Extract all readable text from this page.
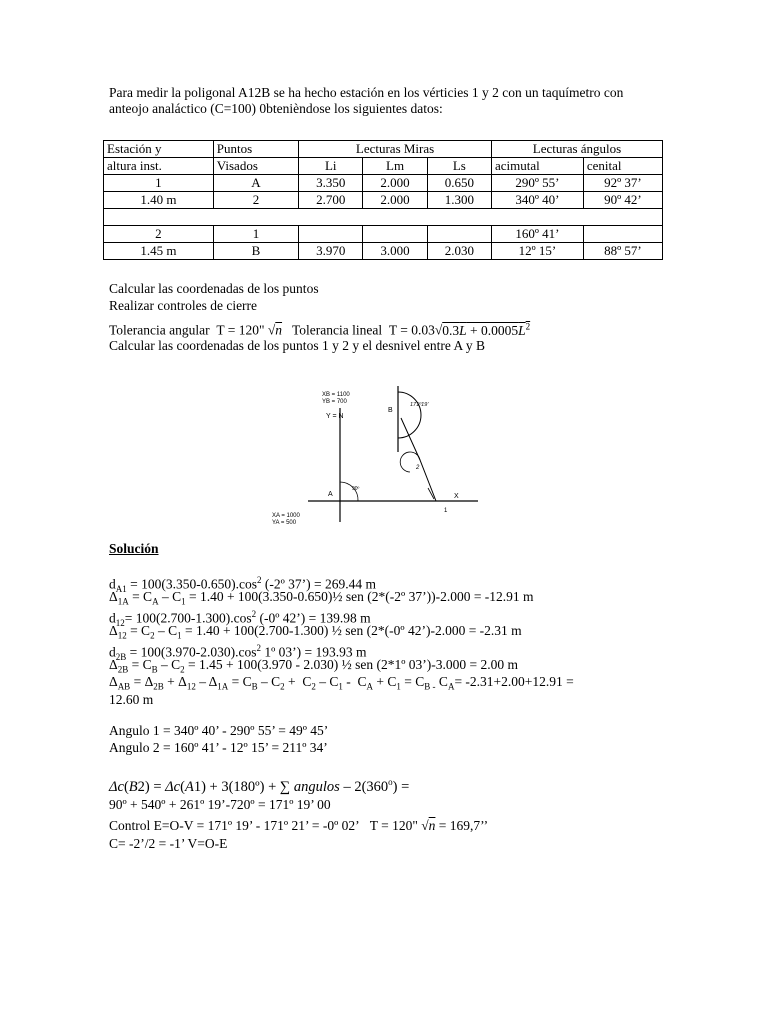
Para medir la poligonal A12B se ha hecho estación en los vérticies 1 y 2 con un taquímetro con anteojo analáctico (C=100) 0btenièndose los siguientes datos:
Estación y	Puntos	Lecturas Miras			Lecturas ángulos	
altura inst.	Visados	Li	Lm	Ls	acimutal	cenital
1	A	3.350	2.000	0.650	290º 55’	92º 37’
1.40 m	2	2.700	2.000	1.300	340º 40’	90º 42’

2	1				160º 41’	
1.45 m	B	3.970	3.000	2.030	12º 15’	88º 57’
Calcular las coordenadas de los puntos
Realizar controles de cierre
Tolerancia angular  T = 120" √n Tolerancia lineal  $T = 0.03√0.3L + 0.0005L^2$
Calcular las coordenadas de los puntos 1 y 2 y el desnivel entre A y B
XB = 1100
YB = 700
Y = N
B
171º19’
2
A
90º
X
1
XA = 1000
YA = 500
Solución
$d_{A1} = 100(3.350-0.650).\cos^2$ (-2º 37’) = 269.44 m
$\Delta_{1A} = C_A - C_1 = 1.40$ + 100(3.350-0.650)½ sen (2*(-2º 37’))-2.000 = -12.91 m
$d_{12}= 100(2.700-1.300).\cos^2$ (-0º 42’) = 139.98 m
$\Delta_{12} = C_2 - C_1 = 1.40 + 100(2.700-1.300)$ ½ sen (2*(-0º 42’)-2.000 = -2.31 m
$d_{2B} = 100(3.970-2.030).\cos^2$ 1º 03’) = 193.93 m
$\Delta_{2B} = C_B - C_2 = 1.45 + 100(3.970 - 2.030)$ ½ sen (2*1º 03’)-3.000 = 2.00 m
$\Delta_{AB} = \Delta_{2B} + \Delta_{12} - \Delta_{1A} = C_B - C_2 + C_2 - C_1 - C_A + C_1 = C_{B -}$ $C_A= -2.31+2.00+12.91$ =
12.60 m
Angulo 1 = 340º 40’ - 290º 55’ = 49º 45’
Angulo 2 = 160º 41’ - 12º 15’ = 211º 34’
Δc(B2) = Δc(A1) + 3(180º) + ∑ angulos – $2(360^o)$ =
90º + 540º + 261º 19’-720º = 171º 19’ 00
Control E=O-V = 171º 19’ - 171º 21’ = -0º 02’   T = 120" √n = 169,7’’
C= -2’/2 = -1’ V=O-E
